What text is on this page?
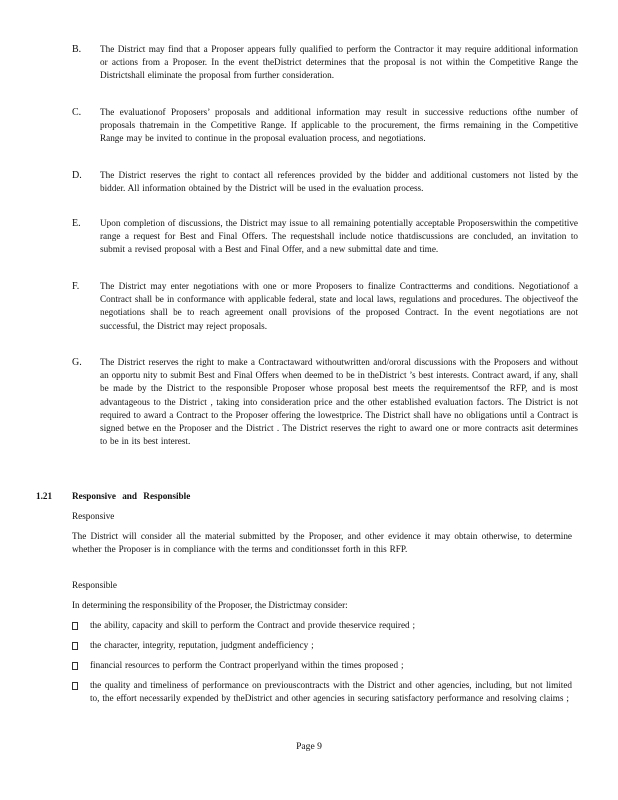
B.	The District may find that a Proposer appears fully qualified to perform the Contractor it may require additional information or actions from a Proposer. In the event theDistrict determines that the proposal is not within the Competitive Range the Districtshall eliminate the proposal from further consideration.
C.	The evaluationof Proposers’ proposals and additional information may result in successive reductions ofthe number of proposals thatremain in the Competitive Range. If applicable to the procurement, the firms remaining in the Competitive Range may be invited to continue in the proposal evaluation process, and negotiations.
D.	The District reserves the right to contact all references provided by the bidder and additional customers not listed by the bidder. All information obtained by the District will be used in the evaluation process.
E.	Upon completion of discussions, the District may issue to all remaining potentially acceptable Proposerswithin the competitive range a request for Best and Final Offers. The requestshall include notice thatdiscussions are concluded, an invitation to submit a revised proposal with a Best and Final Offer, and a new submittal date and time.
F.	The District may enter negotiations with one or more Proposers to finalize Contractterms and conditions. Negotiationof a Contract shall be in conformance with applicable federal, state and local laws, regulations and procedures. The objectiveof the negotiations shall be to reach agreement onall provisions of the proposed Contract. In the event negotiations are not successful, the District may reject proposals.
G.	The District reserves the right to make a Contractaward withoutwritten and/ororal discussions with the Proposers and without an opportu nity to submit Best and Final Offers when deemed to be in theDistrict ’s best interests. Contract award, if any, shall be made by the District to the responsible Proposer whose proposal best meets the requirementsof the RFP, and is most advantageous to the District , taking into consideration price and the other established evaluation factors. The District is not required to award a Contract to the Proposer offering the lowestprice. The District shall have no obligations until a Contract is signed betwe en the Proposer and the District . The District reserves the right to award one or more contracts asit determines to be in its best interest.
1.21 Responsive and Responsible
Responsive
The District will consider all the material submitted by the Proposer, and other evidence it may obtain otherwise, to determine whether the Proposer is in compliance with the terms and conditionsset forth in this RFP.
Responsible
In determining the responsibility of the Proposer, the Districtmay consider:
the ability, capacity and skill to perform the Contract and provide theservice required ;
the character, integrity, reputation, judgment andefficiency ;
financial resources to perform the Contract properlyand within the times proposed ;
the quality and timeliness of performance on previouscontracts with the District and other agencies, including, but not limited to, the effort necessarily expended by theDistrict and other agencies in securing satisfactory performance and resolving claims ;
Page 9
